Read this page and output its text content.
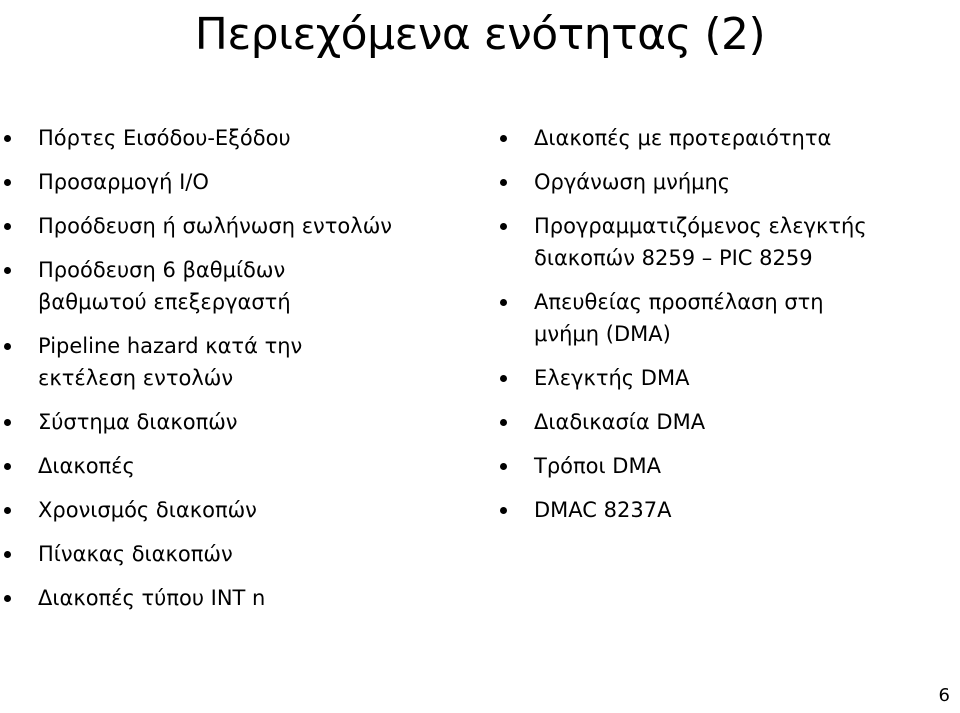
Περιεχόμενα ενότητας (2)
Πόρτες Εισόδου-Εξόδου
Προσαρμογή I/O
Προόδευση ή σωλήνωση εντολών
Προόδευση 6 βαθμίδων
βαθμωτού επεξεργαστή
Pipeline hazard κατά την
εκτέλεση εντολών
Σύστημα διακοπών
Διακοπές
Χρονισμός διακοπών
Πίνακας διακοπών
Διακοπές τύπου INT n
Διακοπές με προτεραιότητα
Οργάνωση μνήμης
Προγραμματιζόμενος ελεγκτής
διακοπών 8259 – PIC 8259
Απευθείας προσπέλαση στη
μνήμη (DMA)
Ελεγκτής DMA
Διαδικασία DMA
Τρόποι DMA
DMAC 8237A
6
